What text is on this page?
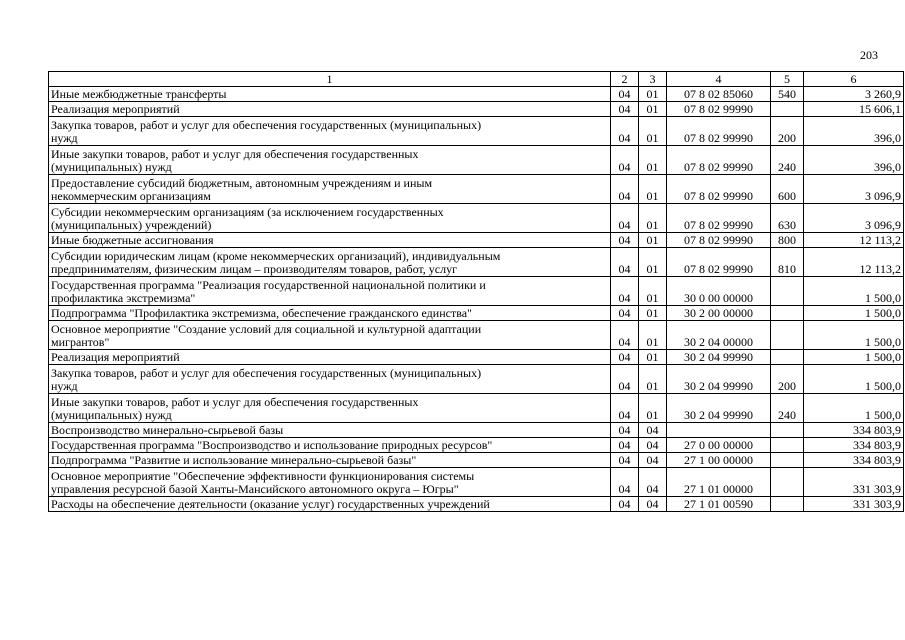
203
1	2	3	4	5	6

Иные межбюджетные трансферты	04	01	07 8 02 85060	540	3 260,9

Реализация мероприятий	04	01	07 8 02 99990		15 606,1

Закупка товаров, работ и услуг для обеспечения государственных (муниципальных)
нужд	04	01	07 8 02 99990	200	396,0

Иные закупки товаров, работ и услуг для обеспечения государственных
(муниципальных) нужд	04	01	07 8 02 99990	240	396,0

Предоставление субсидий бюджетным, автономным учреждениям и иным
некоммерческим организациям	04	01	07 8 02 99990	600	3 096,9

Субсидии некоммерческим организациям (за исключением государственных
(муниципальных) учреждений)	04	01	07 8 02 99990	630	3 096,9

Иные бюджетные ассигнования	04	01	07 8 02 99990	800	12 113,2

Субсидии юридическим лицам (кроме некоммерческих организаций), индивидуальным
предпринимателям, физическим лицам – производителям товаров, работ, услуг	04	01	07 8 02 99990	810	12 113,2

Государственная программа "Реализация государственной национальной политики и
профилактика экстремизма"	04	01	30 0 00 00000		1 500,0

Подпрограмма "Профилактика экстремизма, обеспечение гражданского единства"	04	01	30 2 00 00000		1 500,0

Основное мероприятие "Создание условий для социальной и культурной адаптации
мигрантов"	04	01	30 2 04 00000		1 500,0

Реализация мероприятий	04	01	30 2 04 99990		1 500,0

Закупка товаров, работ и услуг для обеспечения государственных (муниципальных)
нужд	04	01	30 2 04 99990	200	1 500,0

Иные закупки товаров, работ и услуг для обеспечения государственных
(муниципальных) нужд	04	01	30 2 04 99990	240	1 500,0

Воспроизводство минерально-сырьевой базы	04	04			334 803,9

Государственная программа "Воспроизводство и использование природных ресурсов"	04	04	27 0 00 00000		334 803,9

Подпрограмма "Развитие и использование минерально-сырьевой базы"	04	04	27 1 00 00000		334 803,9

Основное мероприятие "Обеспечение эффективности функционирования системы
управления ресурсной базой Ханты-Мансийского автономного округа – Югры"	04	04	27 1 01 00000		331 303,9

Расходы на обеспечение деятельности (оказание услуг) государственных учреждений	04	04	27 1 01 00590		331 303,9
